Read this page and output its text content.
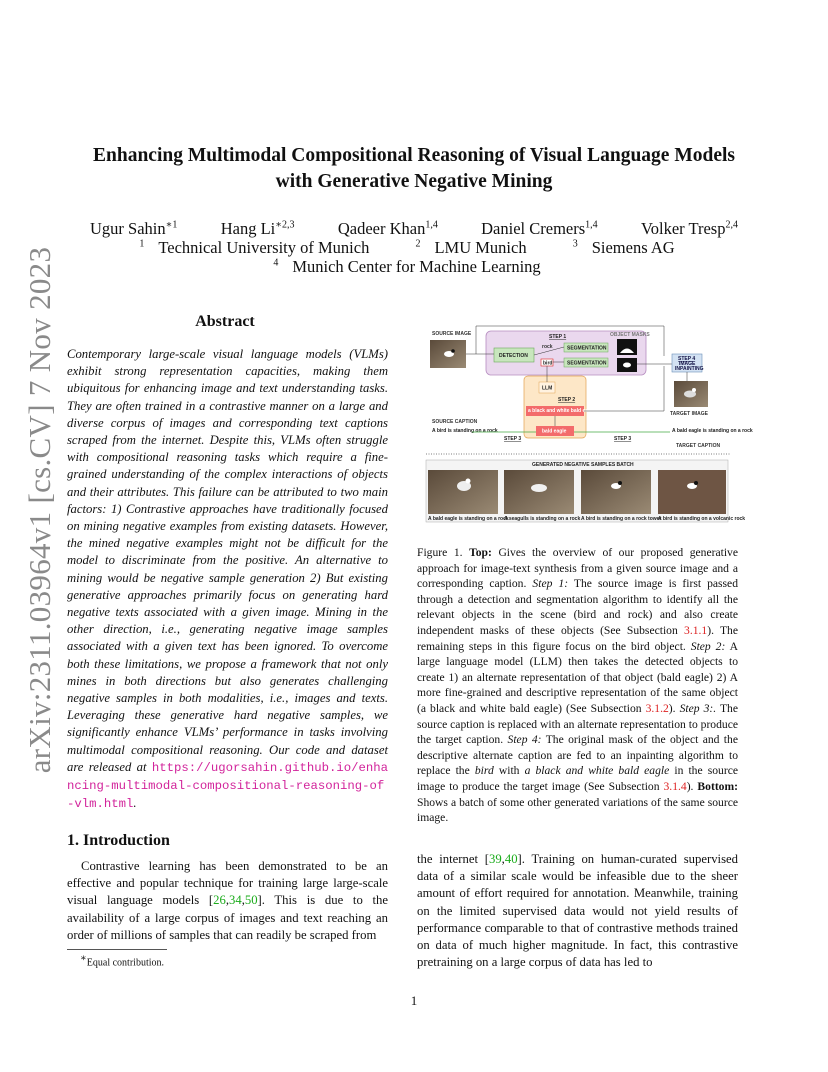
arXiv:2311.03964v1 [cs.CV] 7 Nov 2023
Enhancing Multimodal Compositional Reasoning of Visual Language Models
with Generative Negative Mining
Ugur Sahin$^{∗1}$	Hang $Li^{∗2,3}$	Qadeer Khan$^{1,4}$	Daniel Cremers$^{1,4}$	Volker Tresp$^{2,4}$
$^1$ Technical University of Munich	$^2$ LMU Munich	$^3$ Siemens AG
$^4$ Munich Center for Machine Learning
Abstract
Contemporary large-scale visual language models (VLMs) exhibit strong representation capacities, making them ubiquitous for enhancing image and text understanding tasks. They are often trained in a contrastive manner on a large and diverse corpus of images and corresponding text captions scraped from the internet. Despite this, VLMs often struggle with compositional reasoning tasks which require a fine-grained understanding of the complex interactions of objects and their attributes. This failure can be attributed to two main factors: 1) Contrastive approaches have traditionally focused on mining negative examples from existing datasets. However, the mined negative examples might not be difficult for the model to discriminate from the positive. An alternative to mining would be negative sample generation 2) But existing generative approaches primarily focus on generating hard negative texts associated with a given image. Mining in the other direction, i.e., generating negative image samples associated with a given text has been ignored. To overcome both these limitations, we propose a framework that not only mines in both directions but also generates challenging negative samples in both modalities, i.e., images and texts. Leveraging these generative hard negative samples, we significantly enhance VLMs’ performance in tasks involving multimodal compositional reasoning. Our code and dataset are released at https://ugorsahin.github.io/enhancing-multimodal-compositional-reasoning-of-vlm.html.
SOURCE IMAGE	STEP 1	OBJECT MASKS
DETECTION
rock
bird
SEGMENTATION
SEGMENTATION
STEP 4
IMAGE
INPAINTING
TARGET IMAGE
LLM
STEP 2
a black and white bald eagle
bald eagle
SOURCE CAPTION
A bird is standing on a rock
STEP 3	STEP 3
A bald eagle is standing on a rock
TARGET CAPTION
GENERATED NEGATIVE SAMPLES BATCH
A bald eagle is standing on a rock
A seagulls is standing on a rock A bird is standing on a rock tower
A bird is standing on a volcanic rock
Figure 1. Top: Gives the overview of our proposed generative approach for image-text synthesis from a given source image and a corresponding caption. Step 1: The source image is first passed through a detection and segmentation algorithm to identify all the relevant objects in the scene (bird and rock) and also create independent masks of these objects (See Subsection 3.1.1). The remaining steps in this figure focus on the bird object. Step 2: A large language model (LLM) then takes the detected objects to create 1) an alternate representation of that object (bald eagle) 2) A more fine-grained and descriptive representation of the same object (a black and white bald eagle) (See Subsection 3.1.2). Step 3:. The source caption is replaced with an alternate representation to produce the target caption. Step 4: The original mask of the object and the descriptive alternate caption are fed to an inpainting algorithm to replace the bird with a black and white bald eagle in the source image to produce the target image (See Subsection 3.1.4). Bottom: Shows a batch of some other generated variations of the same source image.
1. Introduction
Contrastive learning has been demonstrated to be an effective and popular technique for training large large-scale visual language models [26,34,50]. This is due to the availability of a large corpus of images and text reaching an order of millions of samples that can readily be scraped from
the internet [39,40]. Training on human-curated supervised data of a similar scale would be infeasible due to the sheer amount of effort required for annotation. Meanwhile, training on the limited supervised data would not yield results of performance comparable to that of contrastive methods trained on data of much higher magnitude. In fact, this contrastive pretraining on a large corpus of data has led to
∗Equal contribution.
1
